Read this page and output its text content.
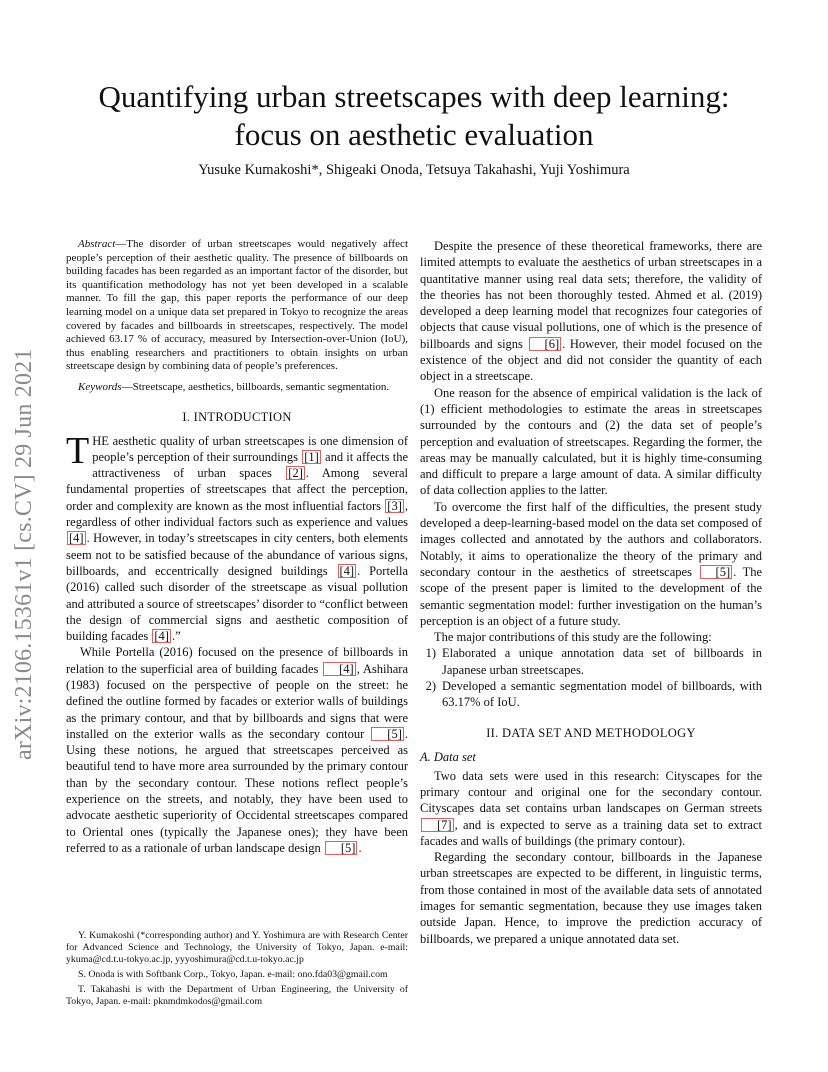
arXiv:2106.15361v1 [cs.CV] 29 Jun 2021
Quantifying urban streetscapes with deep learning:
focus on aesthetic evaluation
Yusuke Kumakoshi*, Shigeaki Onoda, Tetsuya Takahashi, Yuji Yoshimura

Abstract—The disorder of urban streetscapes would negatively affect people’s perception of their aesthetic quality. The presence of billboards on building facades has been regarded as an important factor of the disorder, but its quantification methodology has not yet been developed in a scalable manner. To fill the gap, this paper reports the performance of our deep learning model on a unique data set prepared in Tokyo to recognize the areas covered by facades and billboards in streetscapes, respectively. The model achieved 63.17 % of accuracy, measured by Intersection-over-Union (IoU), thus enabling researchers and practitioners to obtain insights on urban streetscape design by combining data of people’s preferences.

Keywords—Streetscape, aesthetics, billboards, semantic segmentation.

I. INTRODUCTION

THE aesthetic quality of urban streetscapes is one dimension of people’s perception of their surroundings [1] and it affects the attractiveness of urban spaces [2] . Among several fundamental properties of streetscapes that affect the perception, order and complexity are known as the most influential factors [3] , regardless of other individual factors such as experience and values [4] . However, in today’s streetscapes in city centers, both elements seem not to be satisfied because of the abundance of various signs, billboards, and eccentrically designed buildings [4] . Portella (2016) called such disorder of the streetscape as visual pollution and attributed a source of streetscapes’ disorder to “conflict between the design of commercial signs and aesthetic composition of building facades [4] .”

While Portella (2016) focused on the presence of billboards in relation to the superficial area of building facades [4] , Ashihara (1983) focused on the perspective of people on the street: he defined the outline formed by facades or exterior walls of buildings as the primary contour, and that by billboards and signs that were installed on the exterior walls as the secondary contour [5] . Using these notions, he argued that streetscapes perceived as beautiful tend to have more area surrounded by the primary contour than by the secondary contour. These notions reflect people’s experience on the streets, and notably, they have been used to advocate aesthetic superiority of Occidental streetscapes compared to Oriental ones (typically the Japanese ones); they have been referred to as a rationale of urban landscape design [5] .

Y. Kumakoshi (*corresponding author) and Y. Yoshimura are with Research Center for Advanced Science and Technology, the University of Tokyo, Japan. e-mail: ykuma@cd.t.u-tokyo.ac.jp, yyyoshimura@cd.t.u-tokyo.ac.jp

S. Onoda is with Softbank Corp., Tokyo, Japan. e-mail: ono.fda03@gmail.com

T. Takahashi is with the Department of Urban Engineering, the University of Tokyo, Japan. e-mail: pknmdmkodos@gmail.com

Despite the presence of these theoretical frameworks, there are limited attempts to evaluate the aesthetics of urban streetscapes in a quantitative manner using real data sets; therefore, the validity of the theories has not been thoroughly tested. Ahmed et al. (2019) developed a deep learning model that recognizes four categories of objects that cause visual pollutions, one of which is the presence of billboards and signs [6] . However, their model focused on the existence of the object and did not consider the quantity of each object in a streetscape.

One reason for the absence of empirical validation is the lack of (1) efficient methodologies to estimate the areas in streetscapes surrounded by the contours and (2) the data set of people’s perception and evaluation of streetscapes. Regarding the former, the areas may be manually calculated, but it is highly time-consuming and difficult to prepare a large amount of data. A similar difficulty of data collection applies to the latter.

To overcome the first half of the difficulties, the present study developed a deep-learning-based model on the data set composed of images collected and annotated by the authors and collaborators. Notably, it aims to operationalize the theory of the primary and secondary contour in the aesthetics of streetscapes [5] . The scope of the present paper is limited to the development of the semantic segmentation model: further investigation on the human’s perception is an object of a future study.

The major contributions of this study are the following:

1) Elaborated a unique annotation data set of billboards in Japanese urban streetscapes.
2) Developed a semantic segmentation model of billboards, with 63.17% of IoU.
II. DATA SET AND METHODOLOGY
A. Data set

Two data sets were used in this research: Cityscapes for the primary contour and original one for the secondary contour. Cityscapes data set contains urban landscapes on German streets [7] , and is expected to serve as a training data set to extract facades and walls of buildings (the primary contour).

Regarding the secondary contour, billboards in the Japanese urban streetscapes are expected to be different, in linguistic terms, from those contained in most of the available data sets of annotated images for semantic segmentation, because they use images taken outside Japan. Hence, to improve the prediction accuracy of billboards, we prepared a unique annotated data set.
